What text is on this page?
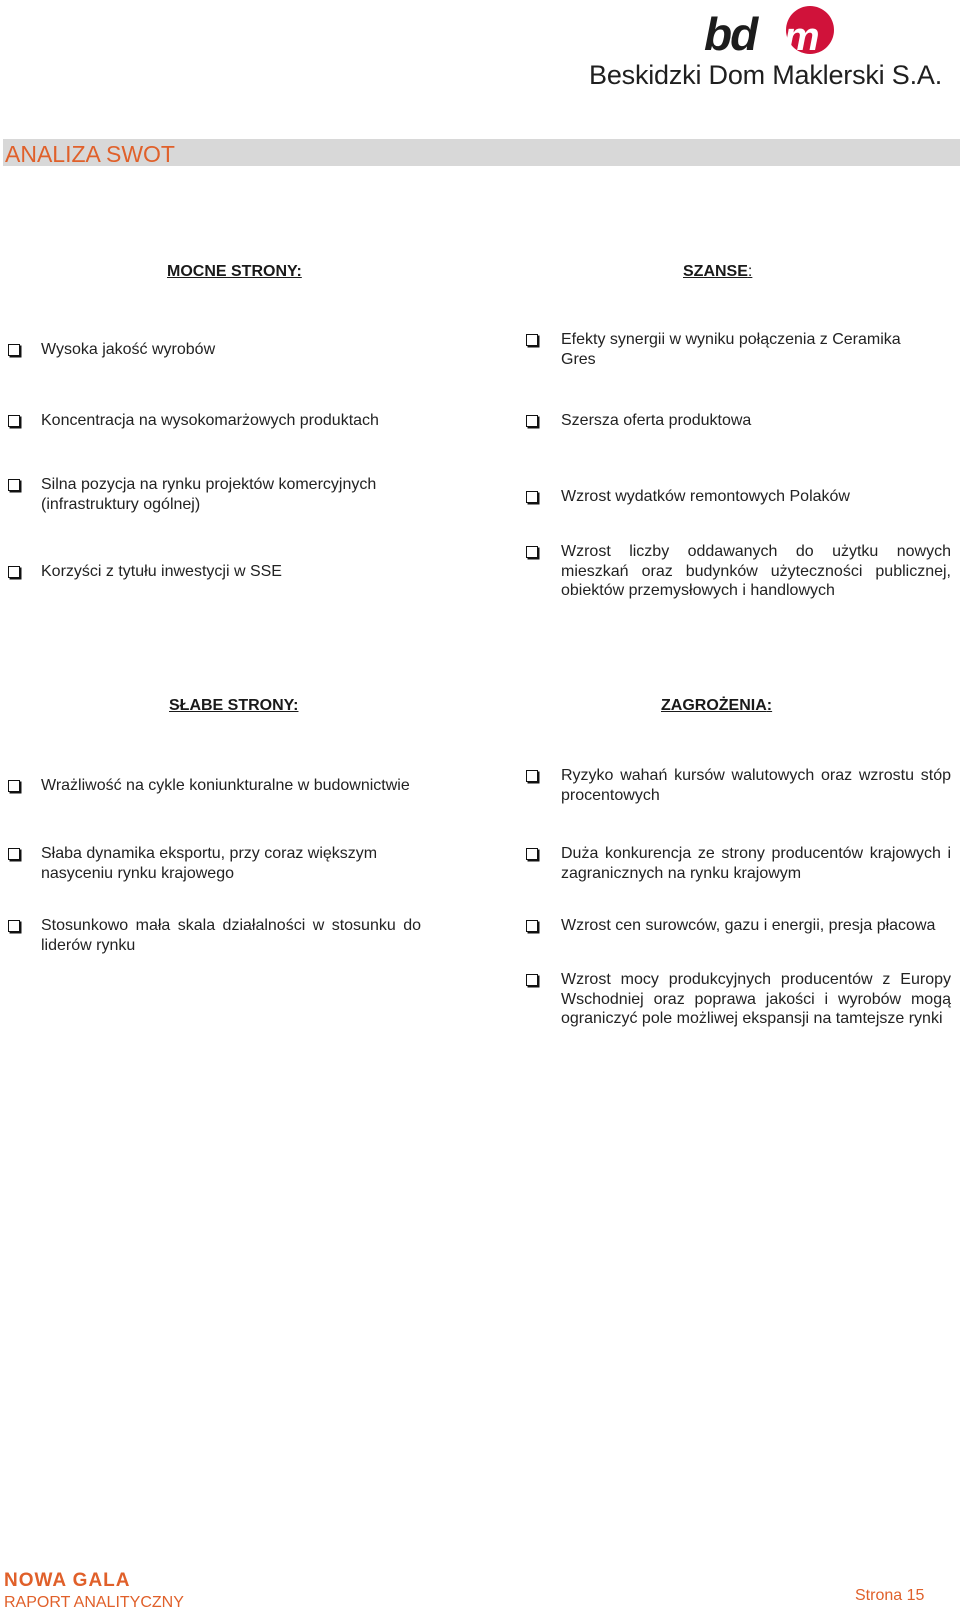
bd m
Beskidzki Dom Maklerski S.A.
ANALIZA SWOT
MOCNE STRONY:	SZANSE:
Wysoka jakość wyrobów
Koncentracja na wysokomarżowych produktach
Silna pozycja na rynku projektów komercyjnych (infrastruktury ogólnej)
Korzyści z tytułu inwestycji w SSE
Efekty synergii w wyniku połączenia z Ceramika Gres
Szersza oferta produktowa
Wzrost wydatków remontowych Polaków
Wzrost liczby oddawanych do użytku nowych mieszkań oraz budynków użyteczności publicznej, obiektów przemysłowych i handlowych
SŁABE STRONY:	ZAGROŻENIA:
Wrażliwość na cykle koniunkturalne w budownictwie
Słaba dynamika eksportu, przy coraz większym nasyceniu rynku krajowego
Stosunkowo mała skala działalności w stosunku do liderów rynku
Ryzyko wahań kursów walutowych oraz wzrostu stóp procentowych
Duża konkurencja ze strony producentów krajowych i zagranicznych na rynku krajowym
Wzrost cen surowców, gazu i energii, presja płacowa
Wzrost mocy produkcyjnych producentów z Europy Wschodniej oraz poprawa jakości i wyrobów mogą ograniczyć pole możliwej ekspansji na tamtejsze rynki
NOWA GALA
RAPORT ANALITYCZNY	Strona 15
